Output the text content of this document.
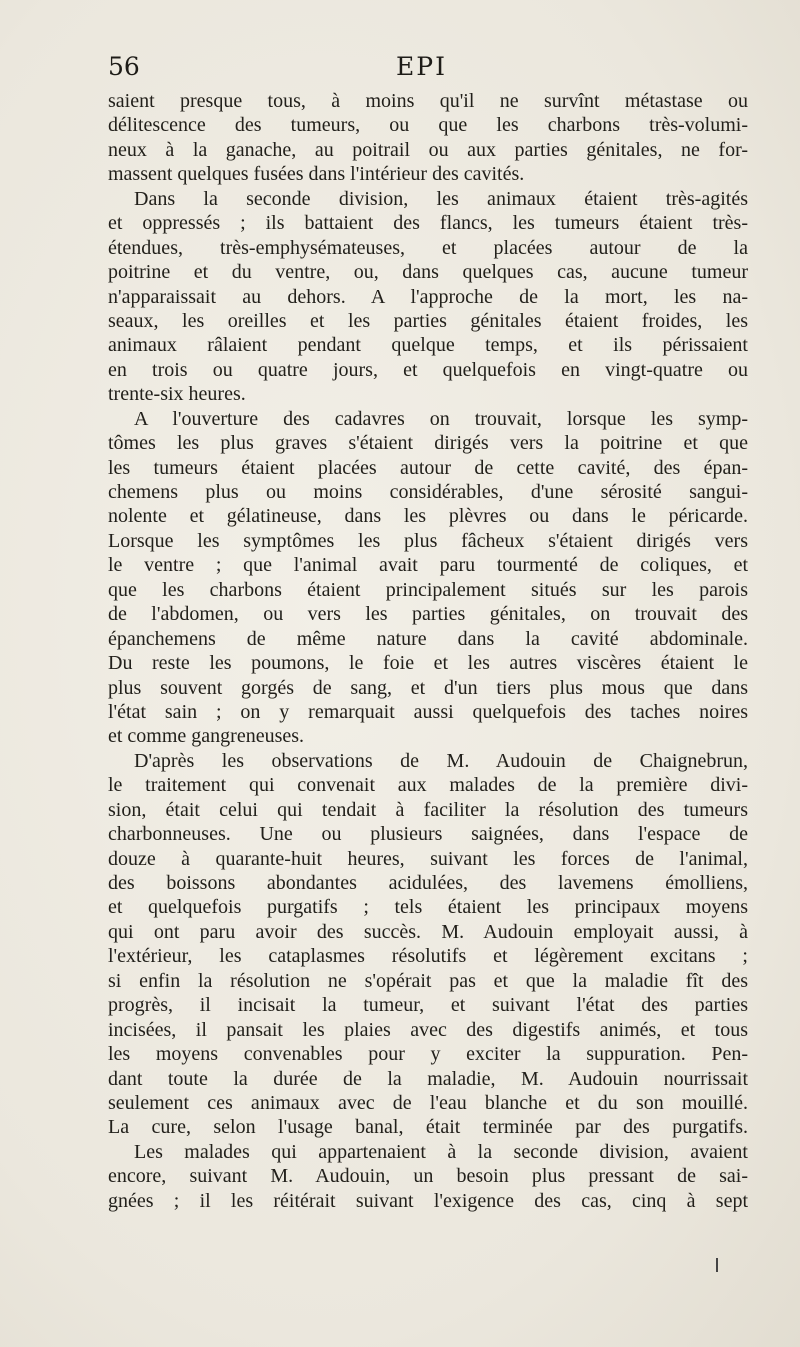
56	EPI
saient presque tous, à moins qu'il ne survînt métastase ou
délitescence des tumeurs, ou que les charbons très-volumi-
neux à la ganache, au poitrail ou aux parties génitales, ne for-
massent quelques fusées dans l'intérieur des cavités.
Dans la seconde division, les animaux étaient très-agités
et oppressés ; ils battaient des flancs, les tumeurs étaient très-
étendues, très-emphysémateuses, et placées autour de la
poitrine et du ventre, ou, dans quelques cas, aucune tumeur
n'apparaissait au dehors. A l'approche de la mort, les na-
seaux, les oreilles et les parties génitales étaient froides, les
animaux râlaient pendant quelque temps, et ils périssaient
en trois ou quatre jours, et quelquefois en vingt-quatre ou
trente-six heures.
A l'ouverture des cadavres on trouvait, lorsque les symp-
tômes les plus graves s'étaient dirigés vers la poitrine et que
les tumeurs étaient placées autour de cette cavité, des épan-
chemens plus ou moins considérables, d'une sérosité sangui-
nolente et gélatineuse, dans les plèvres ou dans le péricarde.
Lorsque les symptômes les plus fâcheux s'étaient dirigés vers
le ventre ; que l'animal avait paru tourmenté de coliques, et
que les charbons étaient principalement situés sur les parois
de l'abdomen, ou vers les parties génitales, on trouvait des
épanchemens de même nature dans la cavité abdominale.
Du reste les poumons, le foie et les autres viscères étaient le
plus souvent gorgés de sang, et d'un tiers plus mous que dans
l'état sain ; on y remarquait aussi quelquefois des taches noires
et comme gangreneuses.
D'après les observations de M. Audouin de Chaignebrun,
le traitement qui convenait aux malades de la première divi-
sion, était celui qui tendait à faciliter la résolution des tumeurs
charbonneuses. Une ou plusieurs saignées, dans l'espace de
douze à quarante-huit heures, suivant les forces de l'animal,
des boissons abondantes acidulées, des lavemens émolliens,
et quelquefois purgatifs ; tels étaient les principaux moyens
qui ont paru avoir des succès. M. Audouin employait aussi, à
l'extérieur, les cataplasmes résolutifs et légèrement excitans ;
si enfin la résolution ne s'opérait pas et que la maladie fît des
progrès, il incisait la tumeur, et suivant l'état des parties
incisées, il pansait les plaies avec des digestifs animés, et tous
les moyens convenables pour y exciter la suppuration. Pen-
dant toute la durée de la maladie, M. Audouin nourrissait
seulement ces animaux avec de l'eau blanche et du son mouillé.
La cure, selon l'usage banal, était terminée par des purgatifs.
Les malades qui appartenaient à la seconde division, avaient
encore, suivant M. Audouin, un besoin plus pressant de sai-
gnées ; il les réitérait suivant l'exigence des cas, cinq à sept
